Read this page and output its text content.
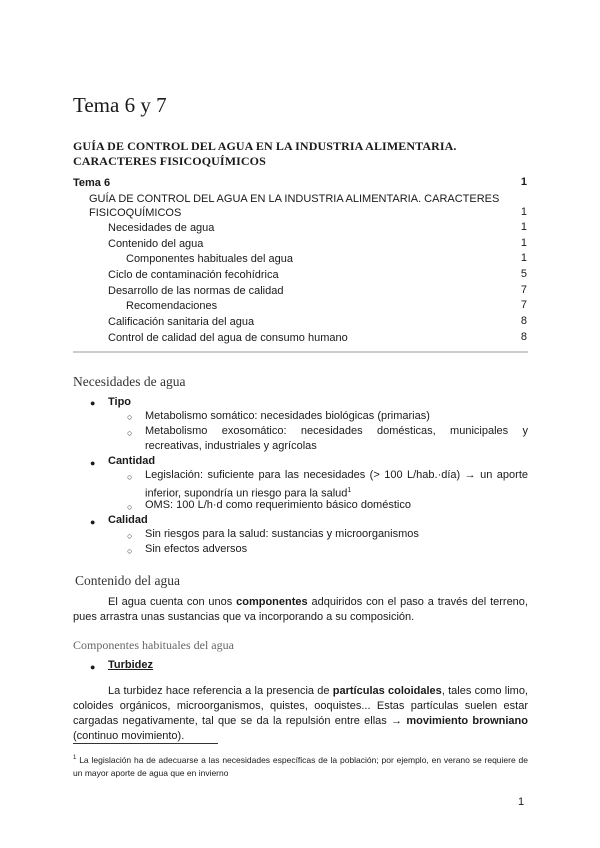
Tema 6 y 7
GUÍA DE CONTROL DEL AGUA EN LA INDUSTRIA ALIMENTARIA. CARACTERES FISICOQUÍMICOS
Tema 6	1
GUÍA DE CONTROL DEL AGUA EN LA INDUSTRIA ALIMENTARIA. CARACTERES FISICOQUÍMICOS	1
Necesidades de agua	1
Contenido del agua	1
Componentes habituales del agua	1
Ciclo de contaminación fecohídrica	5
Desarrollo de las normas de calidad	7
Recomendaciones	7
Calificación sanitaria del agua	8
Control de calidad del agua de consumo humano	8
Necesidades de agua
● Tipo
○ Metabolismo somático: necesidades biológicas (primarias)
○ Metabolismo exosomático: necesidades domésticas, municipales y recreativas, industriales y agrícolas
● Cantidad
○ Legislación: suficiente para las necesidades (> 100 L/hab.·día) → un aporte inferior, supondría un riesgo para la salud$^1$
○ OMS: 100 L/h·d como requerimiento básico doméstico
● Calidad
○ Sin riesgos para la salud: sustancias y microorganismos
○ Sin efectos adversos
Contenido del agua
El agua cuenta con unos componentes adquiridos con el paso a través del terreno, pues arrastra unas sustancias que va incorporando a su composición.
Componentes habituales del agua
● Turbidez
La turbidez hace referencia a la presencia de partículas coloidales, tales como limo, coloides orgánicos, microorganismos, quistes, ooquistes... Estas partículas suelen estar cargadas negativamente, tal que se da la repulsión entre ellas → movimiento browniano (continuo movimiento).
$^1$ La legislación ha de adecuarse a las necesidades específicas de la población; por ejemplo, en verano se requiere de un mayor aporte de agua que en invierno
1
